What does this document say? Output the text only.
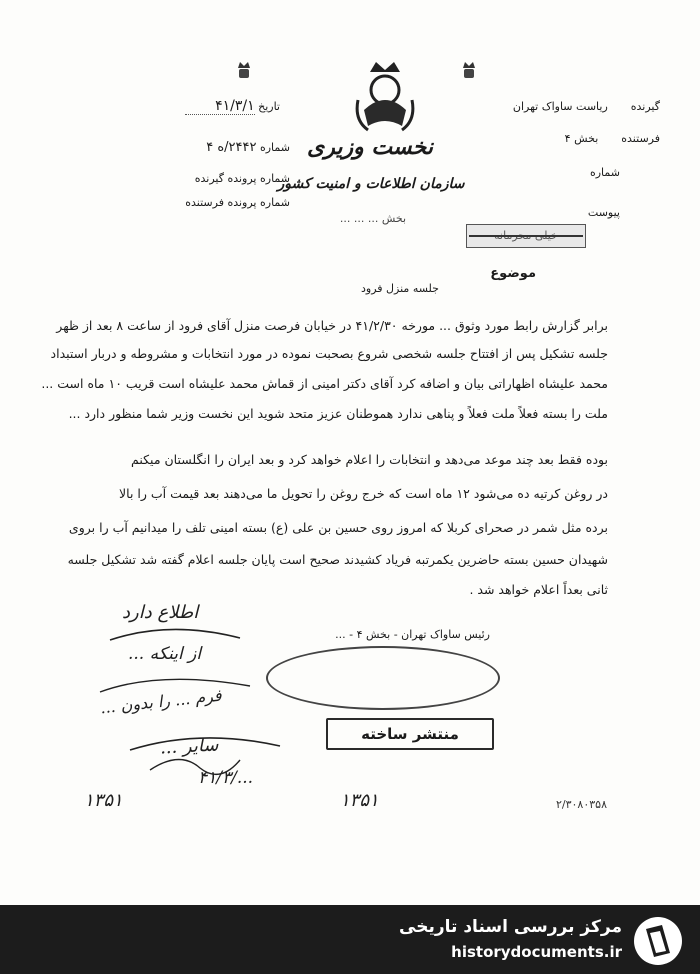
نخست وزیری
سازمان اطلاعات و امنیت کشور
بخش ... ... ...
گیرنده  ریاست ساواک تهران
فرستنده  بخش ۴
شماره
پیوست
تاریخ ۴۱/۳/۱
شماره ۲۴۴۲/ه ۴
شماره پرونده گیرنده
شماره پرونده فرستنده
خیلی محرمانه
موضوع
جلسه منزل فرود
برابر گزارش رابط مورد وثوق ... مورخه ۴۱/۲/۳۰ در خیابان فرصت منزل آقای فرود از ساعت ۸ بعد از ظهر
جلسه تشکیل پس از افتتاح جلسه شخصی شروع بصحبت نموده در مورد انتخابات و مشروطه و دربار استبداد
محمد علیشاه اظهاراتی بیان و اضافه کرد آقای دکتر امینی از قماش محمد علیشاه است قریب ۱۰ ماه است ...
ملت را بسته فعلاً ملت فعلاً و پناهی ندارد هموطنان عزیز متحد شوید این نخست وزیر شما منظور دارد ...
بوده فقط بعد چند موعد می‌دهد و انتخابات را اعلام خواهد کرد و بعد ایران را انگلستان میکنم
در روغن کرتیه ده می‌شود ۱۲ ماه است که خرج روغن را تحویل ما می‌دهند بعد قیمت آب را بالا
برده مثل شمر در صحرای کربلا که امروز روی حسین بن علی (ع) بسته امینی تلف را میدانیم آب را بروی
شهیدان حسین بسته حاضرین یکمرتبه فریاد کشیدند صحیح است پایان جلسه اعلام گفته شد تشکیل جلسه
ثانی بعداً اعلام خواهد شد .
رئیس ساواک تهران - بخش ۴ - ...
اطلاع دارد
از اینکه ...
فرم ... را بدون ...
سایر ...
۴۱/۳/...
۱۳۵۱	۱۳۵۱
منتشر ساخته
۲/۳۰۸۰۳۵۸
مرکز بررسی اسناد تاریخی
historydocuments.ir
